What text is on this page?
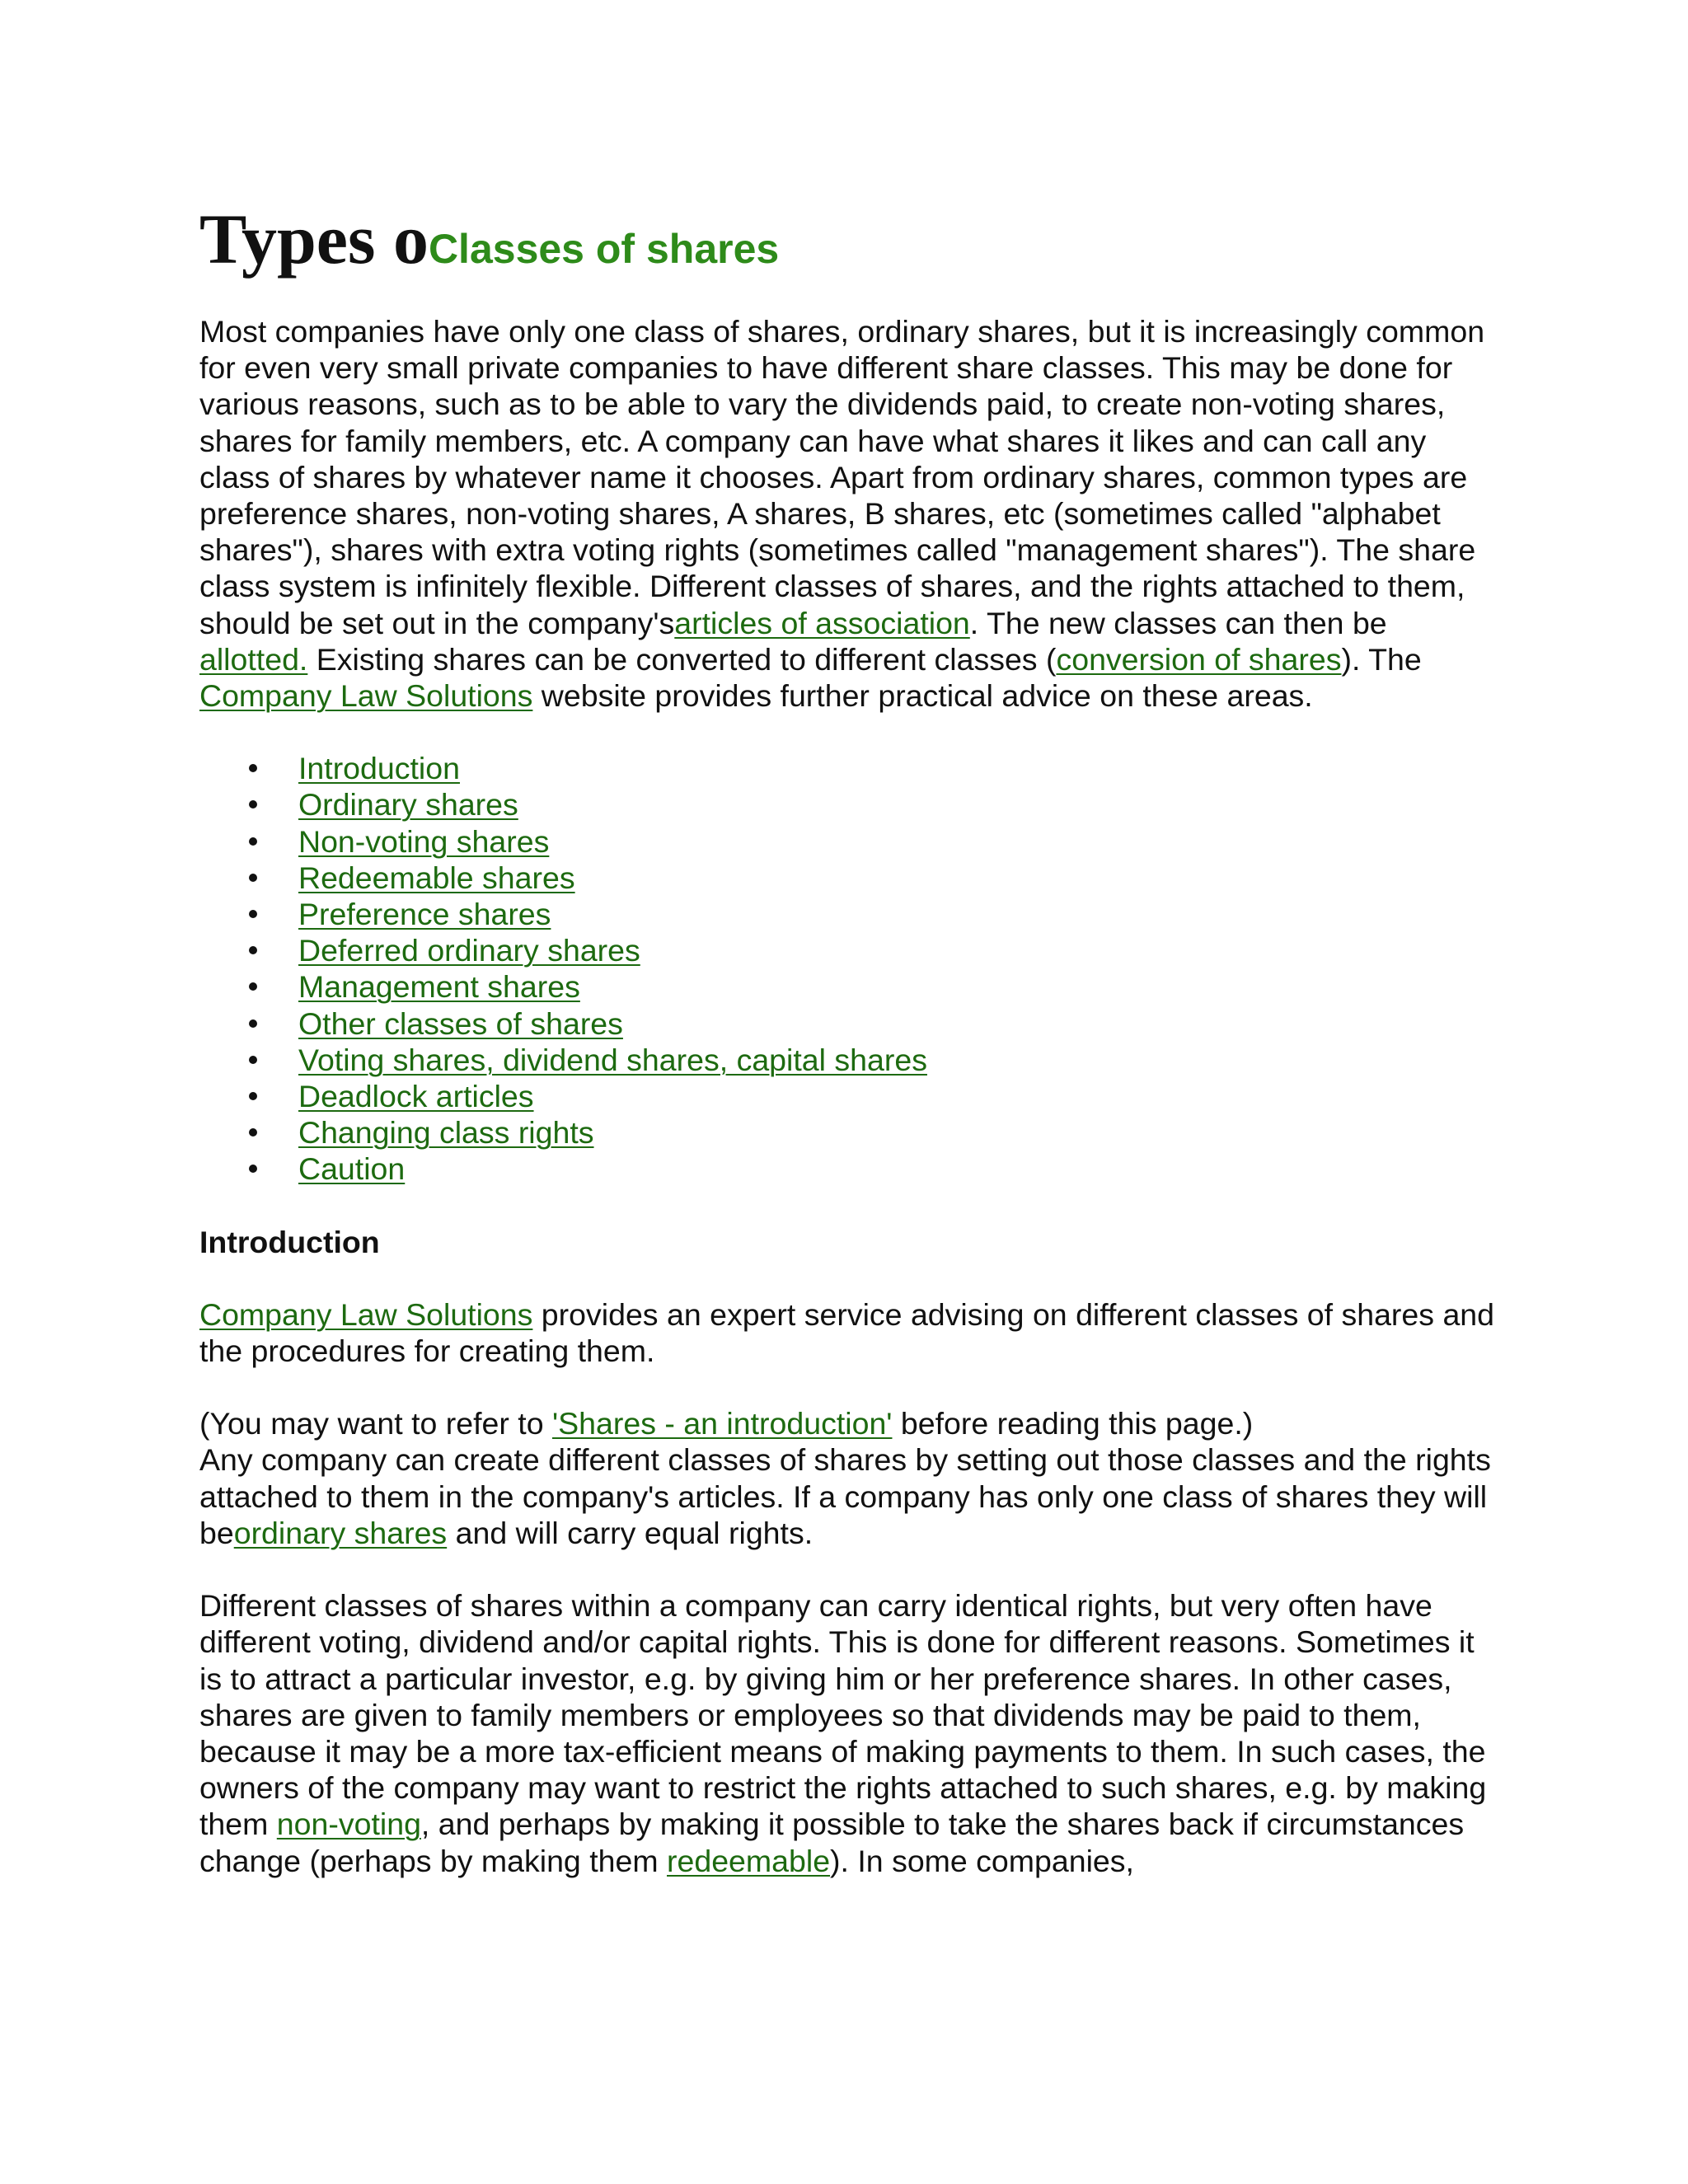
Types oClasses of shares

Most companies have only one class of shares, ordinary shares, but it is increasingly common for even very small private companies to have different share classes. This may be done for various reasons, such as to be able to vary the dividends paid, to create non-voting shares, shares for family members, etc. A company can have what shares it likes and can call any class of shares by whatever name it chooses. Apart from ordinary shares, common types are preference shares, non-voting shares, A shares, B shares, etc (sometimes called "alphabet shares"), shares with extra voting rights (sometimes called "management shares"). The share class system is infinitely flexible. Different classes of shares, and the rights attached to them, should be set out in the company'sarticles of association. The new classes can then be allotted. Existing shares can be converted to different classes (conversion of shares). The Company Law Solutions website provides further practical advice on these areas.

Introduction
Ordinary shares
Non-voting shares
Redeemable shares
Preference shares
Deferred ordinary shares
Management shares
Other classes of shares
Voting shares, dividend shares, capital shares
Deadlock articles
Changing class rights
Caution
Introduction

Company Law Solutions provides an expert service advising on different classes of shares and the procedures for creating them.

(You may want to refer to 'Shares - an introduction' before reading this page.)

Any company can create different classes of shares by setting out those classes and the rights attached to them in the company's articles. If a company has only one class of shares they will beordinary shares and will carry equal rights.

Different classes of shares within a company can carry identical rights, but very often have different voting, dividend and/or capital rights. This is done for different reasons. Sometimes it is to attract a particular investor, e.g. by giving him or her preference shares. In other cases, shares are given to family members or employees so that dividends may be paid to them, because it may be a more tax-efficient means of making payments to them. In such cases, the owners of the company may want to restrict the rights attached to such shares, e.g. by making them non-voting, and perhaps by making it possible to take the shares back if circumstances change (perhaps by making them redeemable). In some companies,
